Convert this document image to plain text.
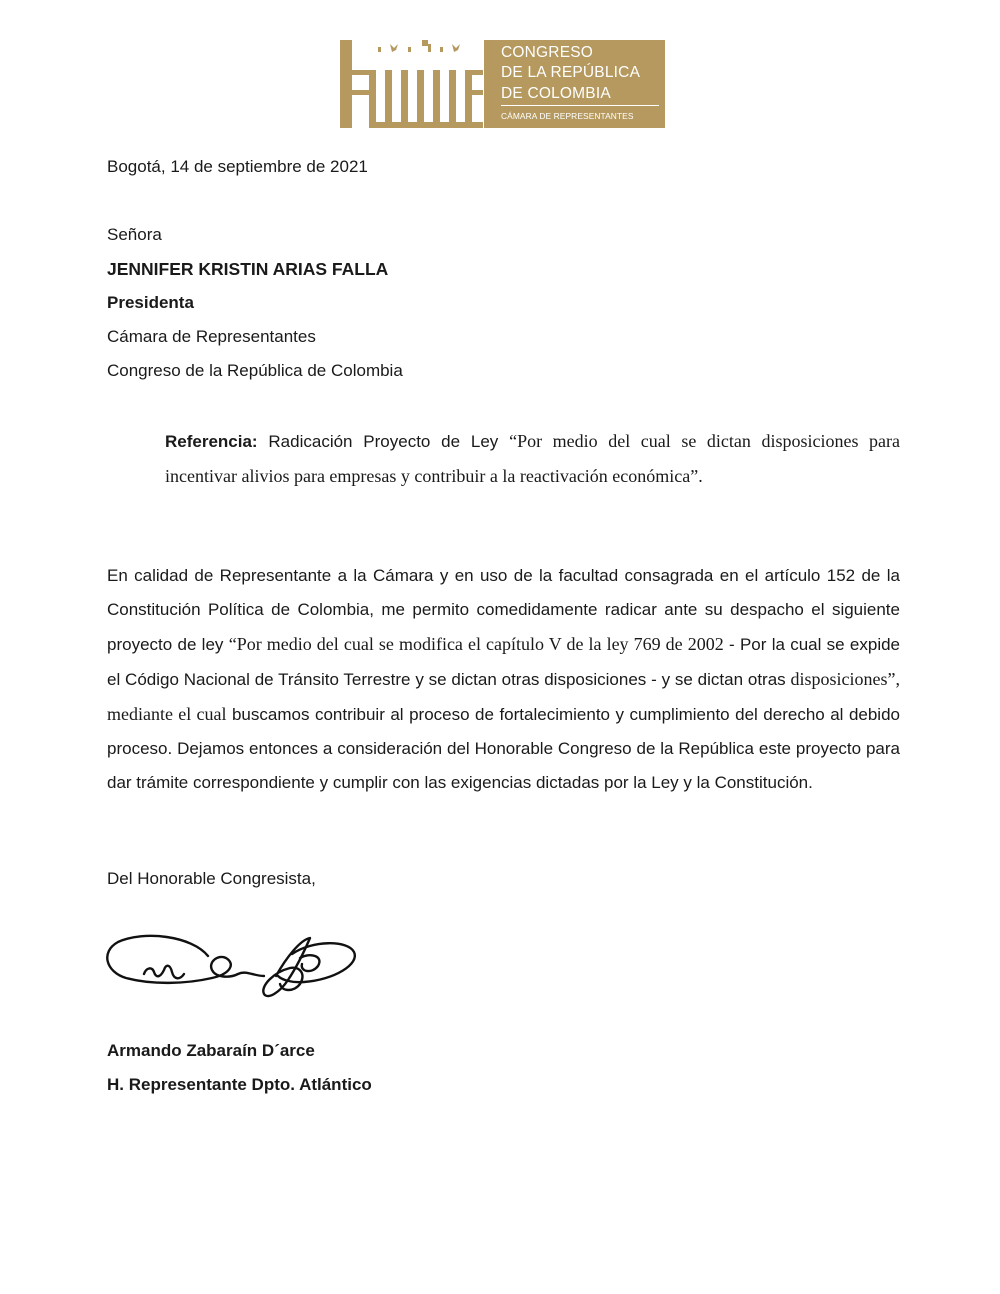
CONGRESO
DE LA REPÚBLICA
DE COLOMBIA
CÁMARA DE REPRESENTANTES
Bogotá, 14 de septiembre de 2021
Señora
JENNIFER KRISTIN ARIAS FALLA
Presidenta
Cámara de Representantes
Congreso de la República de Colombia
Referencia: Radicación Proyecto de Ley “Por medio del cual se dictan disposiciones para incentivar alivios para empresas y contribuir a la reactivación económica”.
En calidad de Representante a la Cámara y en uso de la facultad consagrada en el artículo 152 de la Constitución Política de Colombia, me permito comedidamente radicar ante su despacho el siguiente proyecto de ley “Por medio del cual se modifica el capítulo V de la ley 769 de 2002 - Por la cual se expide el Código Nacional de Tránsito Terrestre y se dictan otras disposiciones - y se dictan otras disposiciones”, mediante el cual buscamos contribuir al proceso de fortalecimiento y cumplimiento del derecho al debido proceso. Dejamos entonces a consideración del Honorable Congreso de la República este proyecto para dar trámite correspondiente y cumplir con las exigencias dictadas por la Ley y la Constitución.
Del Honorable Congresista,
Armando Zabaraín D´arce
H. Representante Dpto. Atlántico
